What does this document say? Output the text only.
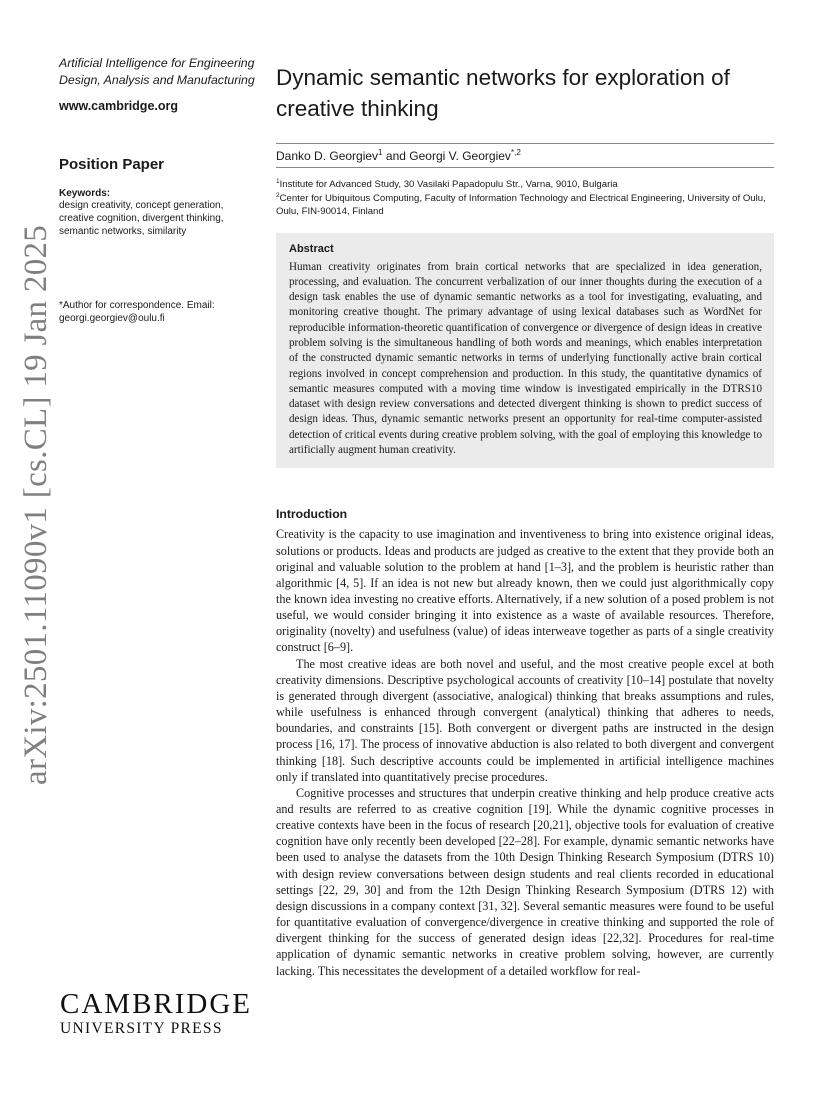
arXiv:2501.11090v1 [cs.CL] 19 Jan 2025
Artificial Intelligence for Engineering Design, Analysis and Manufacturing
www.cambridge.org
Position Paper
Keywords:
design creativity, concept generation, creative cognition, divergent thinking, semantic networks, similarity
*Author for correspondence. Email:
georgi.georgiev@oulu.fi
CAMBRIDGE
UNIVERSITY PRESS
Dynamic semantic networks for exploration of creative thinking
Danko D. Georgiev$^1$ and Georgi V. Georgiev$^{*,2}$

$^1$Institute for Advanced Study, 30 Vasilaki Papadopulu Str., Varna, 9010, Bulgaria

$^2$Center for Ubiquitous Computing, Faculty of Information Technology and Electrical Engineering, University of Oulu, Oulu, FIN-90014, Finland

Abstract
Human creativity originates from brain cortical networks that are specialized in idea generation, processing, and evaluation. The concurrent verbalization of our inner thoughts during the execution of a design task enables the use of dynamic semantic networks as a tool for investigating, evaluating, and monitoring creative thought. The primary advantage of using lexical databases such as WordNet for reproducible information-theoretic quantification of convergence or divergence of design ideas in creative problem solving is the simultaneous handling of both words and meanings, which enables interpretation of the constructed dynamic semantic networks in terms of underlying functionally active brain cortical regions involved in concept comprehension and production. In this study, the quantitative dynamics of semantic measures computed with a moving time window is investigated empirically in the DTRS10 dataset with design review conversations and detected divergent thinking is shown to predict success of design ideas. Thus, dynamic semantic networks present an opportunity for real-time computer-assisted detection of critical events during creative problem solving, with the goal of employing this knowledge to artificially augment human creativity.
Introduction

Creativity is the capacity to use imagination and inventiveness to bring into existence original ideas, solutions or products. Ideas and products are judged as creative to the extent that they provide both an original and valuable solution to the problem at hand [1–3], and the problem is heuristic rather than algorithmic [4, 5]. If an idea is not new but already known, then we could just algorithmically copy the known idea investing no creative efforts. Alternatively, if a new solution of a posed problem is not useful, we would consider bringing it into existence as a waste of available resources. Therefore, originality (novelty) and usefulness (value) of ideas interweave together as parts of a single creativity construct [6–9].

The most creative ideas are both novel and useful, and the most creative people excel at both creativity dimensions. Descriptive psychological accounts of creativity [10–14] postulate that novelty is generated through divergent (associative, analogical) thinking that breaks assumptions and rules, while usefulness is enhanced through convergent (analytical) thinking that adheres to needs, boundaries, and constraints [15]. Both convergent or divergent paths are instructed in the design process [16, 17]. The process of innovative abduction is also related to both divergent and convergent thinking [18]. Such descriptive accounts could be implemented in artificial intelligence machines only if translated into quantitatively precise procedures.

Cognitive processes and structures that underpin creative thinking and help produce creative acts and results are referred to as creative cognition [19]. While the dynamic cognitive processes in creative contexts have been in the focus of research [20,21], objective tools for evaluation of creative cognition have only recently been developed [22–28]. For example, dynamic semantic networks have been used to analyse the datasets from the 10th Design Thinking Research Symposium (DTRS 10) with design review conversations between design students and real clients recorded in educational settings [22, 29, 30] and from the 12th Design Thinking Research Symposium (DTRS 12) with design discussions in a company context [31, 32]. Several semantic measures were found to be useful for quantitative evaluation of convergence/divergence in creative thinking and supported the role of divergent thinking for the success of generated design ideas [22,32]. Procedures for real-time application of dynamic semantic networks in creative problem solving, however, are currently lacking. This necessitates the development of a detailed workflow for real-
